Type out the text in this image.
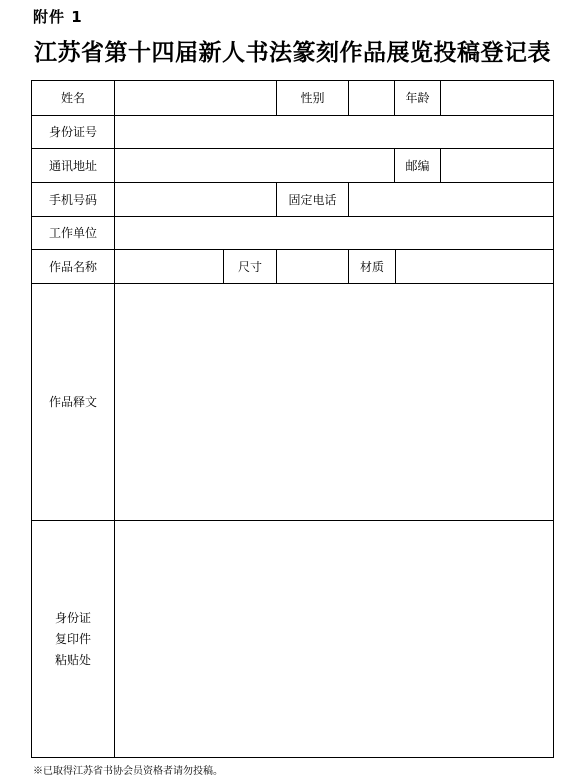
附件 1
江苏省第十四届新人书法篆刻作品展览投稿登记表
姓名	性别	年龄
身份证号
通讯地址	邮编
手机号码	固定电话
工作单位
作品名称	尺寸	材质
作品释文
身份证
复印件
粘贴处
※已取得江苏省书协会员资格者请勿投稿。
